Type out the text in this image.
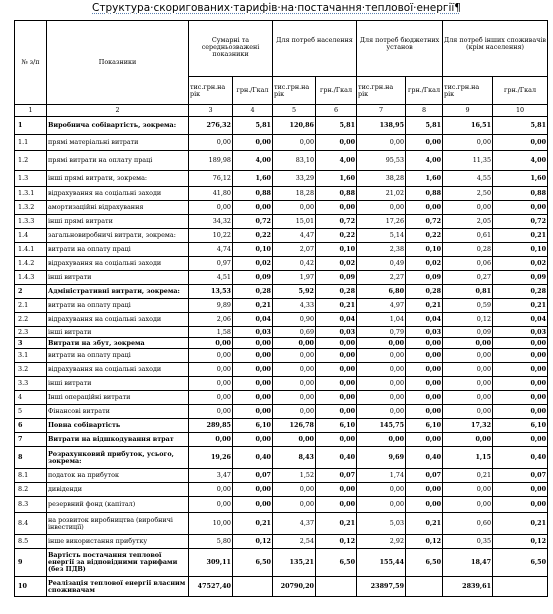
Структура·скоригованих·тарифів·на·постачання·теплової·енергії¶
№ з/п	Показники	Сумарні та середньозважені показники		Для потреб населення		Для потреб бюджетних установ		Для потреб інших споживачів (крім населення)	
		тис.грн.на рік	грн./Гкал	тис.грн.на рік	грн./Гкал	тис.грн.на рік	грн./Гкал	тис.грн.на рік	грн./Гкал
1	2	3	4	5	6	7	8	9	10
1	Виробнича собівартість, зокрема:	276,32	5,81	120,86	5,81	138,95	5,81	16,51	5,81
1.1	прямі матеріальні витрати	0,00	0,00	0,00	0,00	0,00	0,00	0,00	0,00
1.2	прямі витрати на оплату праці	189,98	4,00	83,10	4,00	95,53	4,00	11,35	4,00
1.3	інші прямі витрати, зокрема:	76,12	1,60	33,29	1,60	38,28	1,60	4,55	1,60
1.3.1	відрахування на соціальні заходи	41,80	0,88	18,28	0,88	21,02	0,88	2,50	0,88
1.3.2	амортизаційні відрахування	0,00	0,00	0,00	0,00	0,00	0,00	0,00	0,00
1.3.3	інші прямі витрати	34,32	0,72	15,01	0,72	17,26	0,72	2,05	0,72
1.4	загальновиробничі витрати, зокрема:	10,22	0,22	4,47	0,22	5,14	0,22	0,61	0,21
1.4.1	витрати на оплату праці	4,74	0,10	2,07	0,10	2,38	0,10	0,28	0,10
1.4.2	відрахування на соціальні заходи	0,97	0,02	0,42	0,02	0,49	0,02	0,06	0,02
1.4.3	інші витрати	4,51	0,09	1,97	0,09	2,27	0,09	0,27	0,09
2	Адміністративні витрати, зокрема:	13,53	0,28	5,92	0,28	6,80	0,28	0,81	0,28
2.1	витрати на оплату праці	9,89	0,21	4,33	0,21	4,97	0,21	0,59	0,21
2.2	відрахування на соціальні заходи	2,06	0,04	0,90	0,04	1,04	0,04	0,12	0,04
2.3	інші витрати	1,58	0,03	0,69	0,03	0,79	0,03	0,09	0,03
3	Витрати на збут, зокрема	0,00	0,00	0,00	0,00	0,00	0,00	0,00	0,00
3.1	витрати на оплату праці	0,00	0,00	0,00	0,00	0,00	0,00	0,00	0,00
3.2	відрахування на соціальні заходи	0,00	0,00	0,00	0,00	0,00	0,00	0,00	0,00
3.3	інші витрати	0,00	0,00	0,00	0,00	0,00	0,00	0,00	0,00
4	Інші операційні витрати	0,00	0,00	0,00	0,00	0,00	0,00	0,00	0,00
5	Фінансові витрати	0,00	0,00	0,00	0,00	0,00	0,00	0,00	0,00
6	Повна собівартість	289,85	6,10	126,78	6,10	145,75	6,10	17,32	6,10
7	Витрати на відшкодування втрат	0,00	0,00	0,00	0,00	0,00	0,00	0,00	0,00
8	Розрахунковий прибуток, усього, зокрема:	19,26	0,40	8,43	0,40	9,69	0,40	1,15	0,40
8.1	податок на прибуток	3,47	0,07	1,52	0,07	1,74	0,07	0,21	0,07
8.2	дивіденди	0,00	0,00	0,00	0,00	0,00	0,00	0,00	0,00
8.3	резервний фонд (капітал)	0,00	0,00	0,00	0,00	0,00	0,00	0,00	0,00
8.4	на розвиток виробництва (виробничі інвестиції)	10,00	0,21	4,37	0,21	5,03	0,21	0,60	0,21
8.5	інше використання прибутку	5,80	0,12	2,54	0,12	2,92	0,12	0,35	0,12
9	Вартість постачання теплової енергії за відповідними тарифами (без ПДВ)	309,11	6,50	135,21	6,50	155,44	6,50	18,47	6,50
10	Реалізація теплової енергії власним споживачам	47527,40		20790,20		23897,59		2839,61	
